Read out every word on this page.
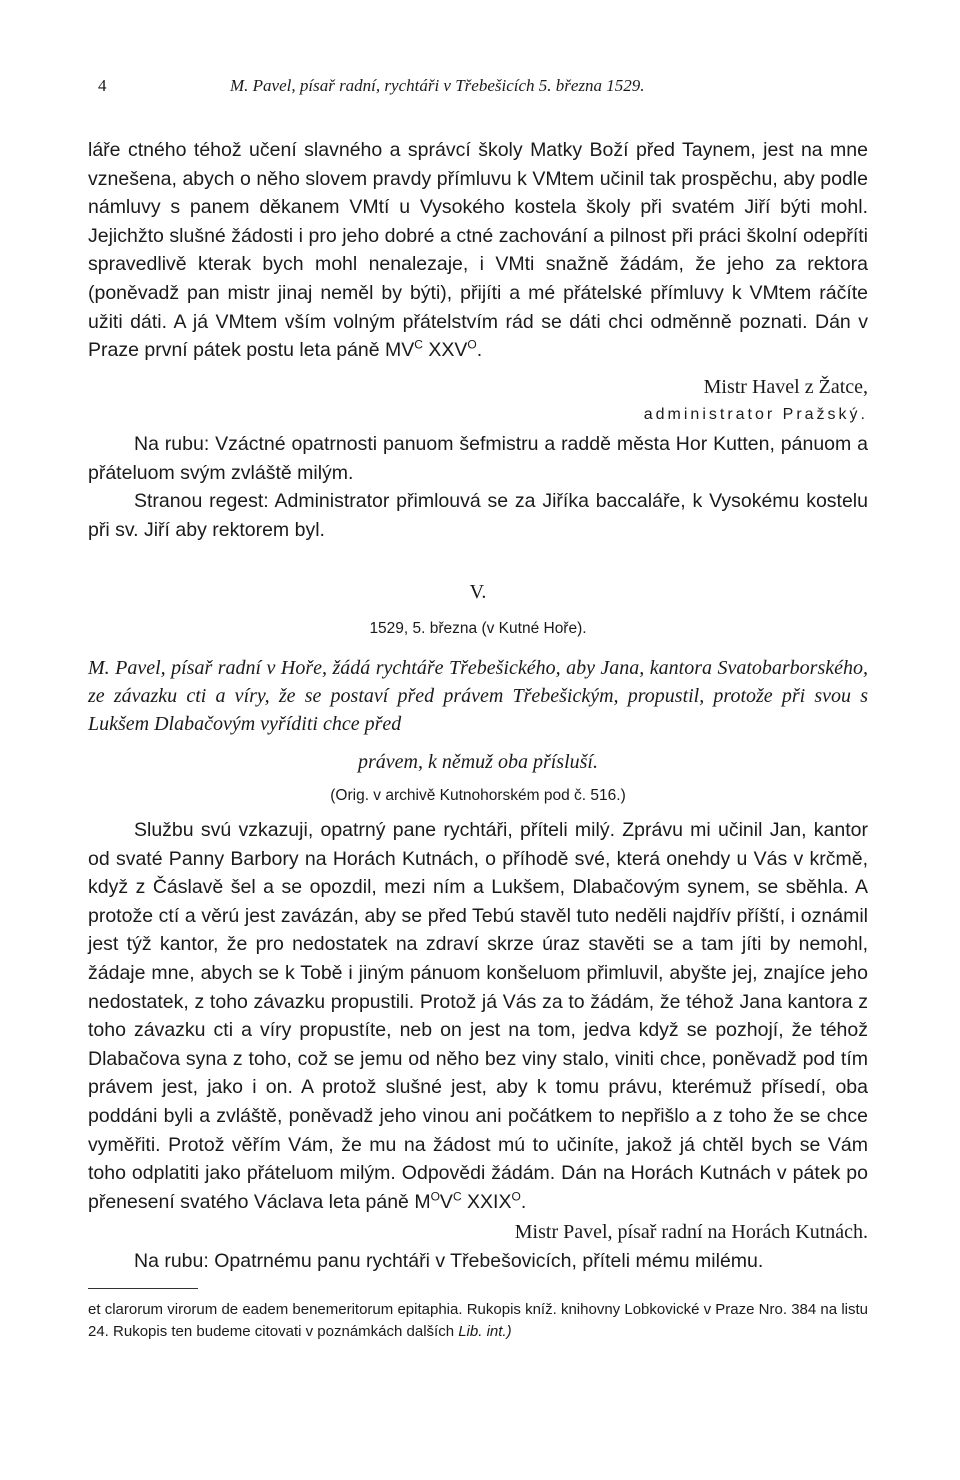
4	M. Pavel, písař radní, rychtáři v Třebešicích 5. března 1529.

láře ctného téhož učení slavného a správcí školy Matky Boží před Taynem, jest na mne vznešena, abych o něho slovem pravdy přímluvu k VMtem učinil tak prospěchu, aby podle námluvy s panem děkanem VMtí u Vysokého kostela školy při svatém Jiří býti mohl. Jejichžto slušné žádosti i pro jeho dobré a ctné zachování a pilnost při práci školní odepříti spravedlivě kterak bych mohl nenalezaje, i VMti snažně žádám, že jeho za rektora (poněvadž pan mistr jinaj neměl by býti), přijíti a mé přátelské přímluvy k VMtem ráčíte užiti dáti. A já VMtem vším volným přátelstvím rád se dáti chci odměnně poznati. Dán v Praze první pátek postu leta páně $MV^C$ $XXV^O$.

Mistr Havel z Žatce,
administrator Pražský.

Na rubu: Vzáctné opatrnosti panuom šefmistru a raddě města Hor Kutten, pánuom a přáteluom svým zvláště milým.

Stranou regest: Administrator přimlouvá se za Jiříka baccaláře, k Vysokému kostelu při sv. Jiří aby rektorem byl.

V.
1529, 5. března (v Kutné Hoře).
M. Pavel, písař radní v Hoře, žádá rychtáře Třebešického, aby Jana, kantora Svatobarborského, ze závazku cti a víry, že se postaví před právem Třebešickým, propustil, protože při svou s Lukšem Dlabačovým vyříditi chce před
právem, k němuž oba přísluší.
(Orig. v archivě Kutnohorském pod č. 516.)

Službu svú vzkazuji, opatrný pane rychtáři, příteli milý. Zprávu mi učinil Jan, kantor od svaté Panny Barbory na Horách Kutnách, o příhodě své, která onehdy u Vás v krčmě, když z Čáslavě šel a se opozdil, mezi ním a Lukšem, Dlabačovým synem, se sběhla. A protože ctí a věrú jest zavázán, aby se před Tebú stavěl tuto neděli najdřív příští, i oznámil jest týž kantor, že pro nedostatek na zdraví skrze úraz stavěti se a tam jíti by nemohl, žádaje mne, abych se k Tobě i jiným pánuom konšeluom přimluvil, abyšte jej, znajíce jeho nedostatek, z toho závazku propustili. Protož já Vás za to žádám, že téhož Jana kantora z toho závazku cti a víry propustíte, neb on jest na tom, jedva když se pozhojí, že téhož Dlabačova syna z toho, což se jemu od něho bez viny stalo, viniti chce, poněvadž pod tím právem jest, jako i on. A protož slušné jest, aby k tomu právu, kterémuž přísedí, oba poddáni byli a zvláště, poněvadž jeho vinou ani počátkem to nepřišlo a z toho že se chce vyměřiti. Protož věřím Vám, že mu na žádost mú to učiníte, jakož já chtěl bych se Vám toho odplatiti jako přáteluom milým. Odpovědi žádám. Dán na Horách Kutnách v pátek po přenesení svatého Václava leta páně $M^OV^C$ $XXIX^O$.

Mistr Pavel, písař radní na Horách Kutnách.

Na rubu: Opatrnému panu rychtáři v Třebešovicích, příteli mému milému.

et clarorum virorum de eadem benemeritorum epitaphia. Rukopis kníž. knihovny Lobkovické v Praze Nro. 384 na listu 24. Rukopis ten budeme citovati v poznámkách dalších Lib. int.)
